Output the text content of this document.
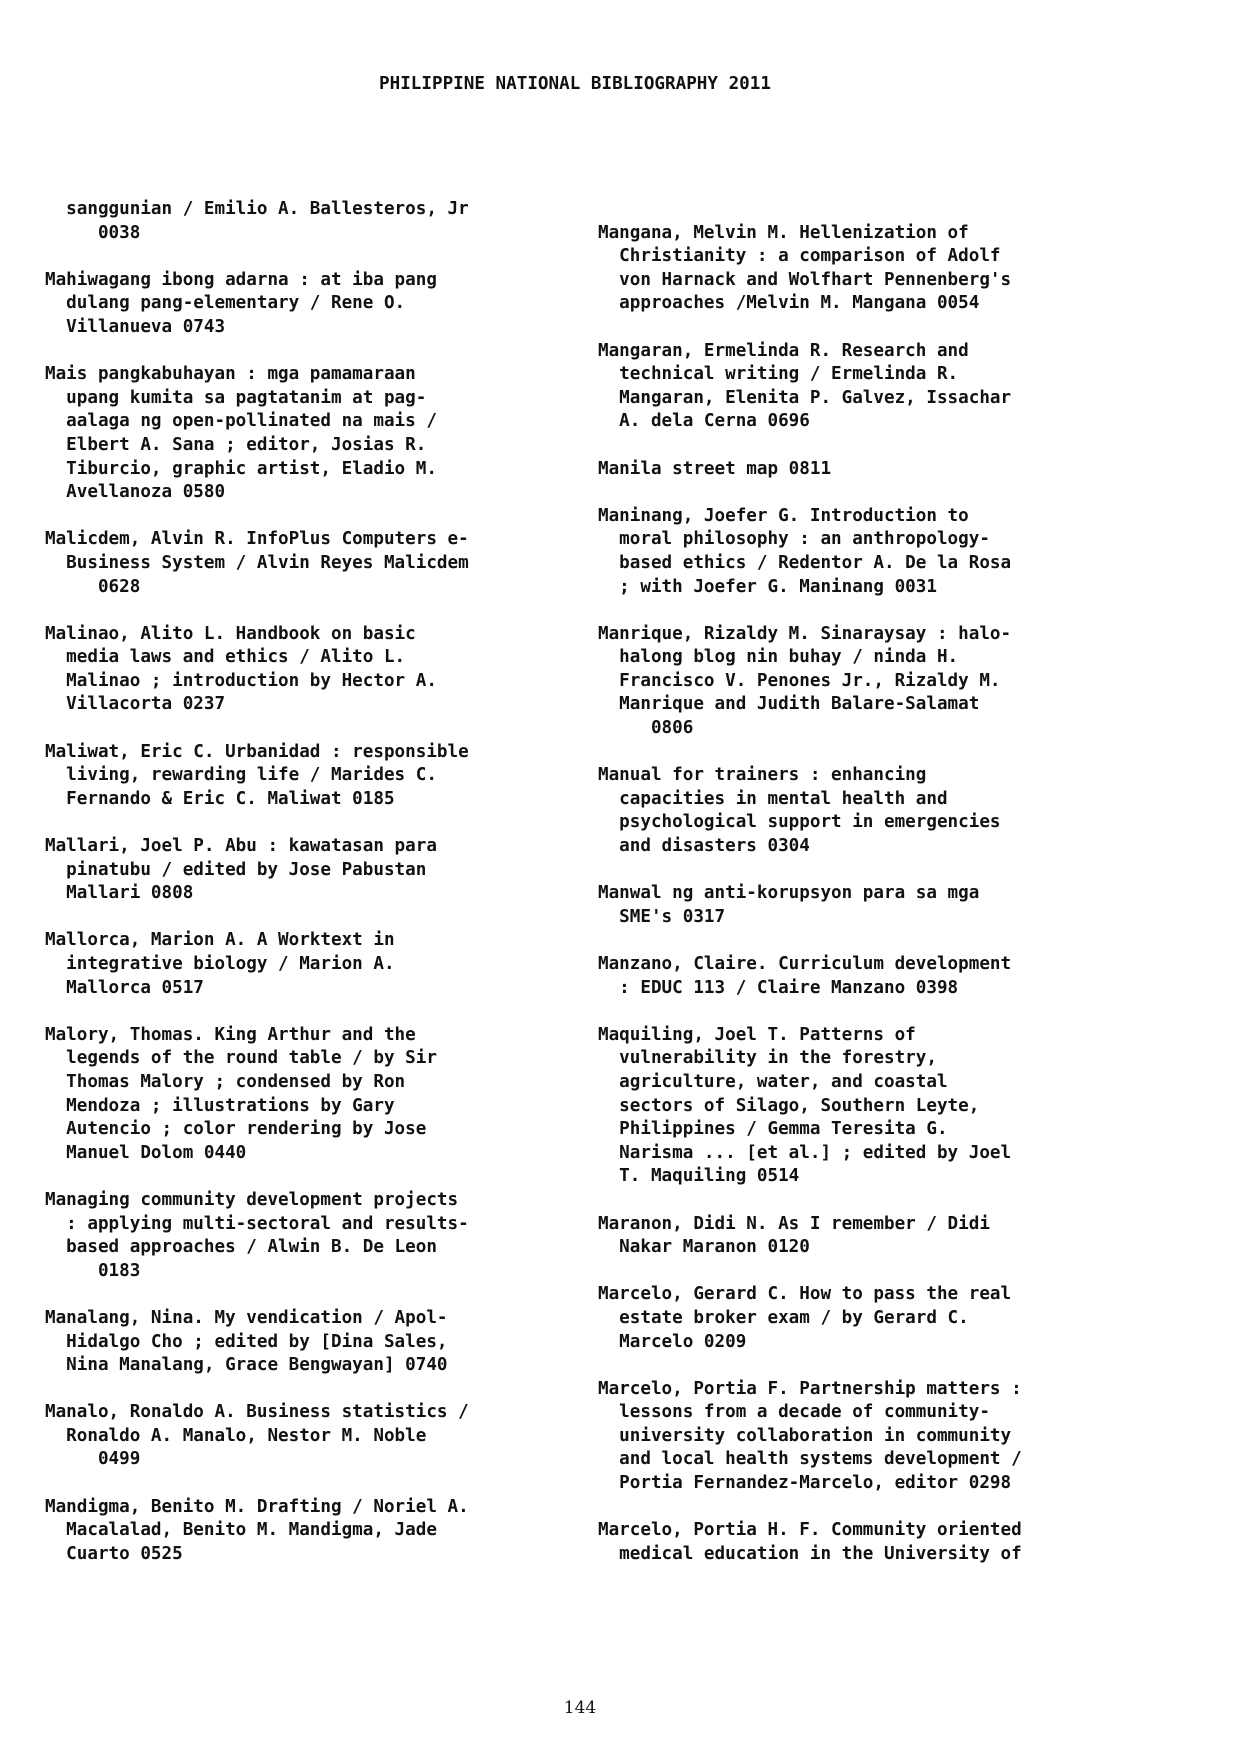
PHILIPPINE NATIONAL BIBLIOGRAPHY 2011
sanggunian / Emilio A. Ballesteros, Jr
0038
Mahiwagang ibong adarna : at iba pang
dulang pang-elementary / Rene O.
Villanueva 0743
Mais pangkabuhayan : mga pamamaraan
upang kumita sa pagtatanim at pag-
aalaga ng open-pollinated na mais /
Elbert A. Sana ; editor, Josias R.
Tiburcio, graphic artist, Eladio M.
Avellanoza 0580
Malicdem, Alvin R. InfoPlus Computers e-
Business System / Alvin Reyes Malicdem
0628
Malinao, Alito L. Handbook on basic
media laws and ethics / Alito L.
Malinao ; introduction by Hector A.
Villacorta 0237
Maliwat, Eric C. Urbanidad : responsible
living, rewarding life / Marides C.
Fernando & Eric C. Maliwat 0185
Mallari, Joel P. Abu : kawatasan para
pinatubu / edited by Jose Pabustan
Mallari 0808
Mallorca, Marion A. A Worktext in
integrative biology / Marion A.
Mallorca 0517
Malory, Thomas. King Arthur and the
legends of the round table / by Sir
Thomas Malory ; condensed by Ron
Mendoza ; illustrations by Gary
Autencio ; color rendering by Jose
Manuel Dolom 0440
Managing community development projects
: applying multi-sectoral and results-
based approaches / Alwin B. De Leon
0183
Manalang, Nina. My vendication / Apol-
Hidalgo Cho ; edited by [Dina Sales,
Nina Manalang, Grace Bengwayan] 0740
Manalo, Ronaldo A. Business statistics /
Ronaldo A. Manalo, Nestor M. Noble
0499
Mandigma, Benito M. Drafting / Noriel A.
Macalalad, Benito M. Mandigma, Jade
Cuarto 0525
Mangana, Melvin M. Hellenization of
Christianity : a comparison of Adolf
von Harnack and Wolfhart Pennenberg's
approaches /Melvin M. Mangana 0054
Mangaran, Ermelinda R. Research and
technical writing / Ermelinda R.
Mangaran, Elenita P. Galvez, Issachar
A. dela Cerna 0696
Manila street map 0811
Maninang, Joefer G. Introduction to
moral philosophy : an anthropology-
based ethics / Redentor A. De la Rosa
; with Joefer G. Maninang 0031
Manrique, Rizaldy M. Sinaraysay : halo-
halong blog nin buhay / ninda H.
Francisco V. Penones Jr., Rizaldy M.
Manrique and Judith Balare-Salamat
0806
Manual for trainers : enhancing
capacities in mental health and
psychological support in emergencies
and disasters 0304
Manwal ng anti-korupsyon para sa mga
SME's 0317
Manzano, Claire. Curriculum development
: EDUC 113 / Claire Manzano 0398
Maquiling, Joel T. Patterns of
vulnerability in the forestry,
agriculture, water, and coastal
sectors of Silago, Southern Leyte,
Philippines / Gemma Teresita G.
Narisma ... [et al.] ; edited by Joel
T. Maquiling 0514
Maranon, Didi N. As I remember / Didi
Nakar Maranon 0120
Marcelo, Gerard C. How to pass the real
estate broker exam / by Gerard C.
Marcelo 0209
Marcelo, Portia F. Partnership matters :
lessons from a decade of community-
university collaboration in community
and local health systems development /
Portia Fernandez-Marcelo, editor 0298
Marcelo, Portia H. F. Community oriented
medical education in the University of
144
